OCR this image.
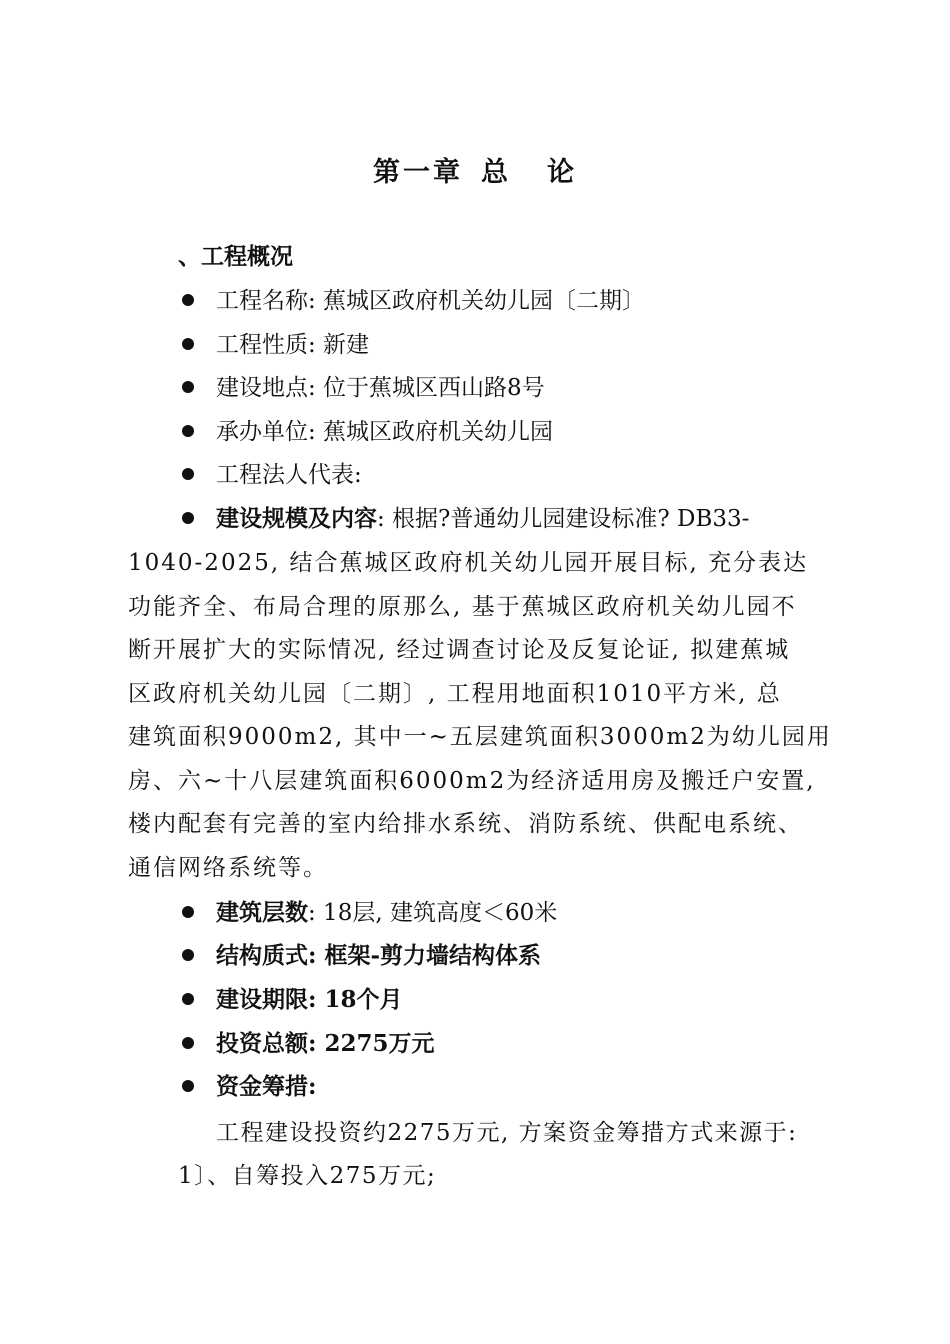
第一章 总 论
、工程概况
工程名称: 蕉城区政府机关幼儿园〔二期〕
工程性质: 新建
建设地点: 位于蕉城区西山路8号
承办单位: 蕉城区政府机关幼儿园
工程法人代表:
建设规模及内容: 根据?普通幼儿园建设标准? DB33-
1040-2025, 结合蕉城区政府机关幼儿园开展目标, 充分表达
功能齐全、布局合理的原那么, 基于蕉城区政府机关幼儿园不
断开展扩大的实际情况, 经过调查讨论及反复论证, 拟建蕉城
区政府机关幼儿园〔二期〕, 工程用地面积1010平方米, 总
建筑面积9000m2, 其中一~五层建筑面积3000m2为幼儿园用
房、六~十八层建筑面积6000m2为经济适用房及搬迁户安置,
楼内配套有完善的室内给排水系统、消防系统、供配电系统、
通信网络系统等。
建筑层数: 18层, 建筑高度＜60米
结构质式: 框架-剪力墙结构体系
建设期限: 18个月
投资总额: 2275万元
资金筹措:
工程建设投资约2275万元, 方案资金筹措方式来源于:
1〕、自筹投入275万元;
